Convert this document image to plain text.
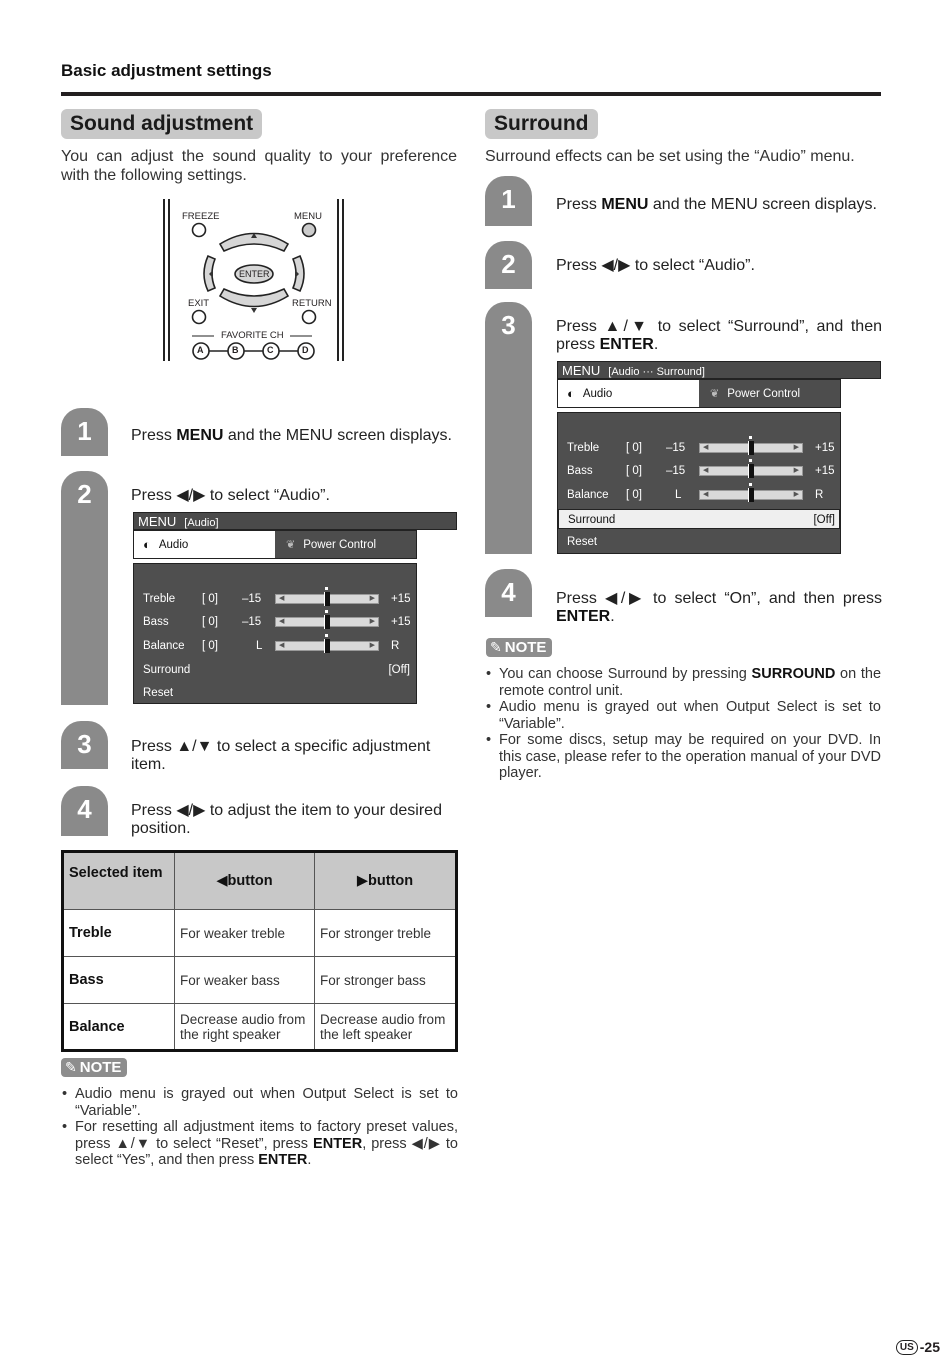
Basic adjustment settings
Sound adjustment
You can adjust the sound quality to your preference with the following settings.
FREEZE	MENU
ENTER
EXIT	RETURN
FAVORITE CH
A	B	C	D
1	Press MENU and the MENU screen displays.
2	Press ◀/▶ to select “Audio”.
MENU [Audio]
◐ Audio	❦ Power Control
Treble [ 0] –15	◀	▶ +15
Bass	[ 0] –15	◀	▶ +15
Balance [ 0]	L ◀	▶ R
Surround	[Off]
Reset
3	Press ▲/▼ to select a specific adjustment item.
4	Press ◀/▶ to adjust the item to your desired position.
Selected item	◀button	▶button
Treble	For weaker treble	For stronger treble
Bass	For weaker bass	For stronger bass
Balance	Decrease audio from the right speaker	Decrease audio from the left speaker
✎ NOTE
• Audio menu is grayed out when Output Select is set to “Variable”.
• For resetting all adjustment items to factory preset values, press ▲/▼ to select “Reset”, press ENTER, press ◀/▶ to select “Yes”, and then press ENTER.
Surround
Surround effects can be set using the “Audio” menu.
1	Press MENU and the MENU screen displays.
2	Press ◀/▶ to select “Audio”.
3	Press ▲/▼ to select “Surround”, and then press ENTER.
MENU [Audio ··· Surround]
◐ Audio	❦ Power Control
Treble [ 0] –15	◀	▶ +15
Bass	[ 0] –15	◀	▶ +15
Balance [ 0]	L	◀	▶ R
Surround	[Off]
Reset
4	Press ◀/▶ to select “On”, and then press ENTER.
✎ NOTE
• You can choose Surround by pressing SURROUND on the remote control unit.
• Audio menu is grayed out when Output Select is set to “Variable”.
• For some discs, setup may be required on your DVD. In this case, please refer to the operation manual of your DVD player.
US -25
